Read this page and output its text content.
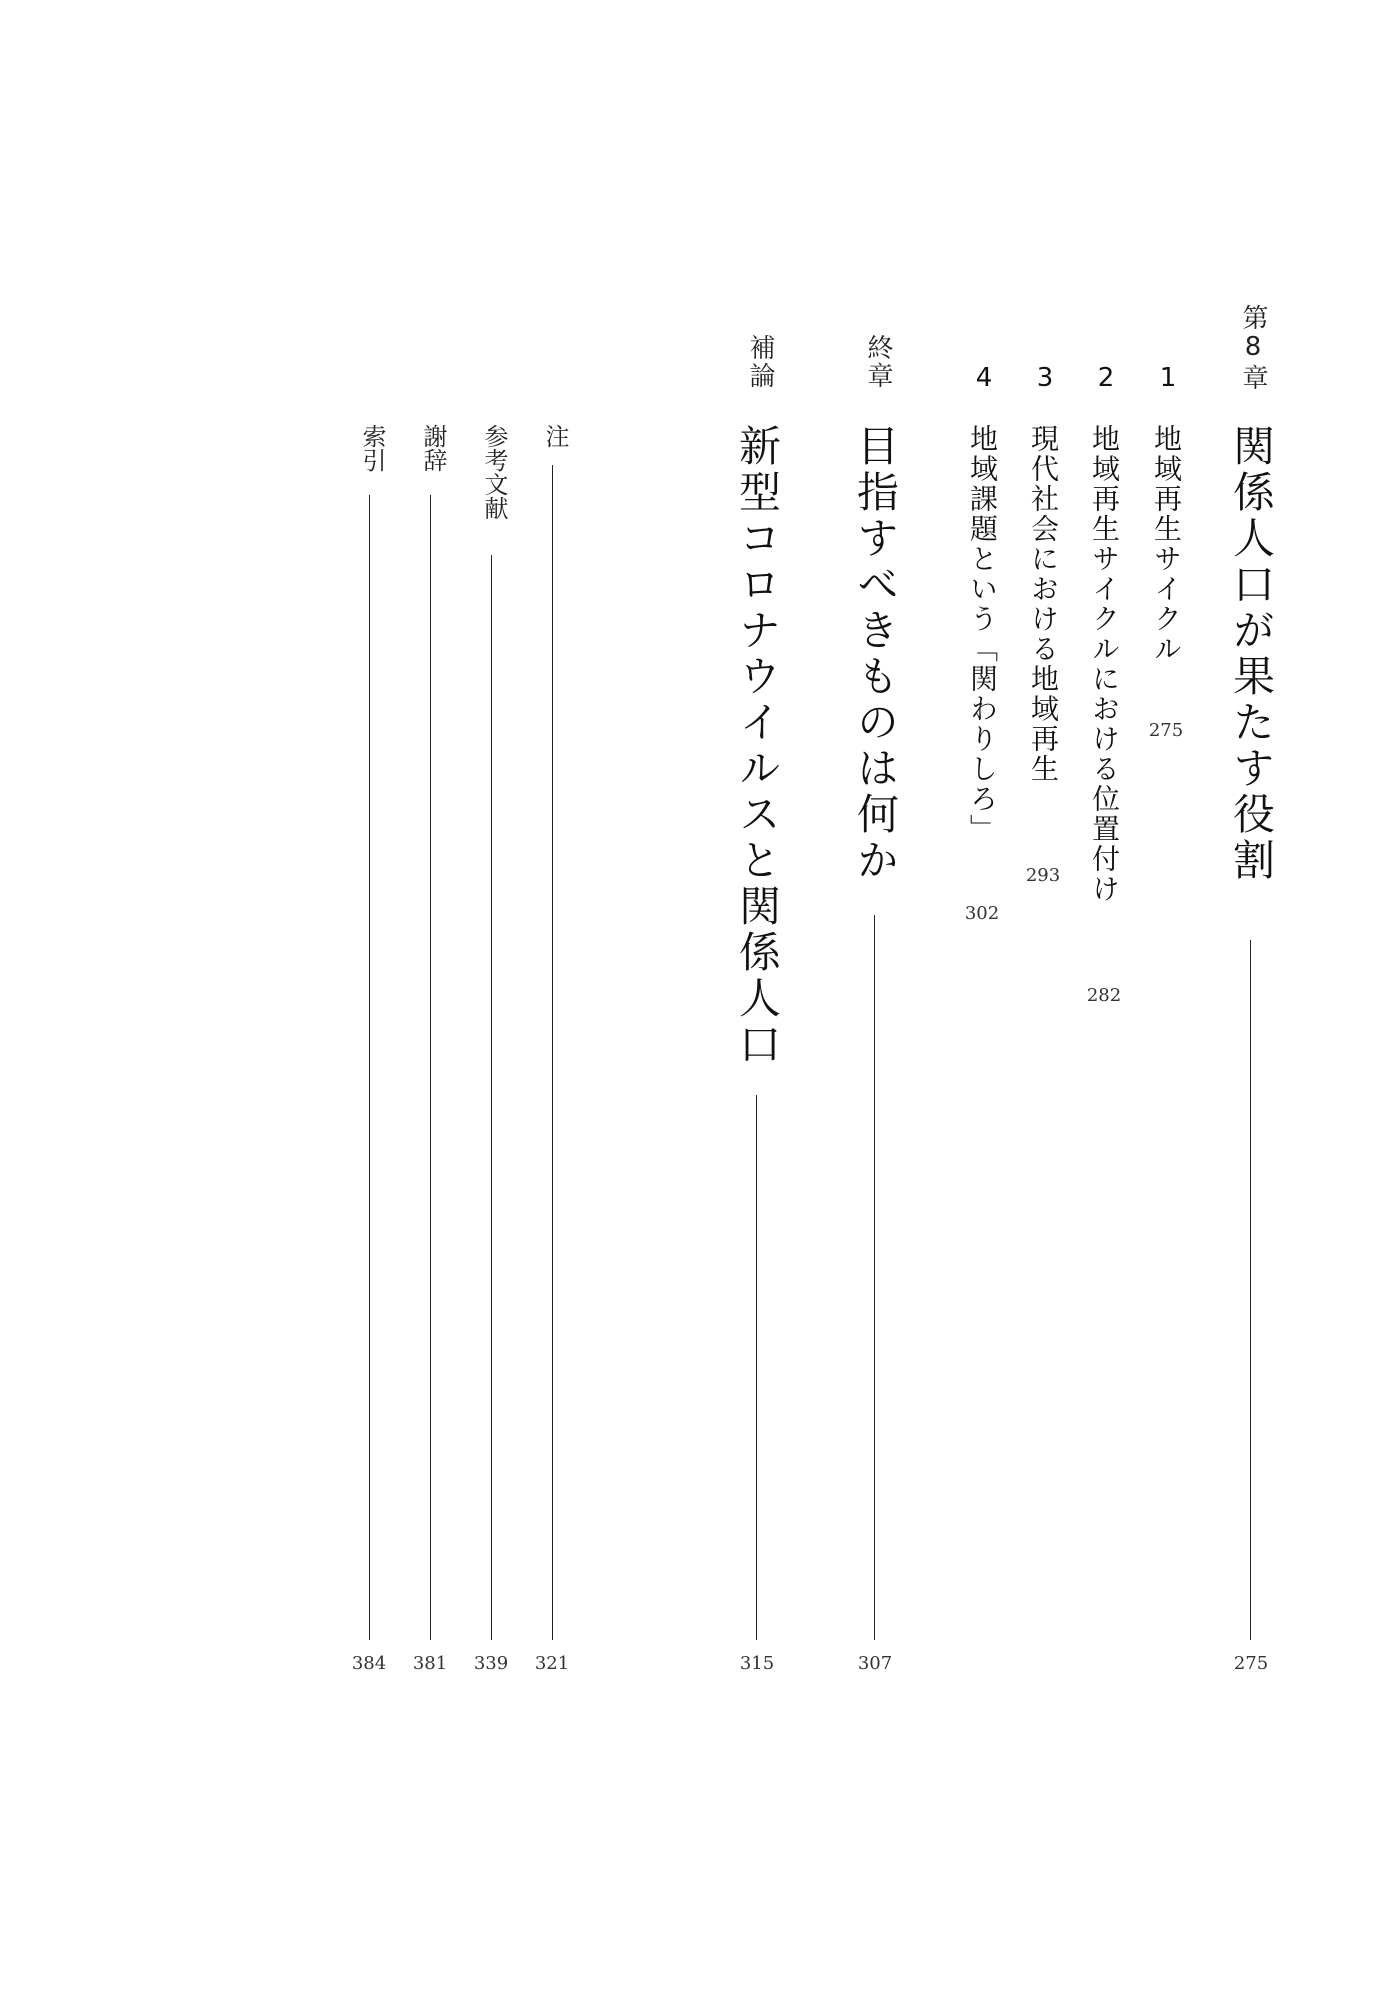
第8章
関係人口が果たす役割
275
1
地域再生サイクル
275
2
地域再生サイクルにおける位置付け
282
3
現代社会における地域再生
293
4
地域課題という「関わりしろ」
302
終章
目指すべきものは何か
307
補論
新型コロナウイルスと関係人口
315
注
321
参考文献
339
謝辞
381
索引
384
